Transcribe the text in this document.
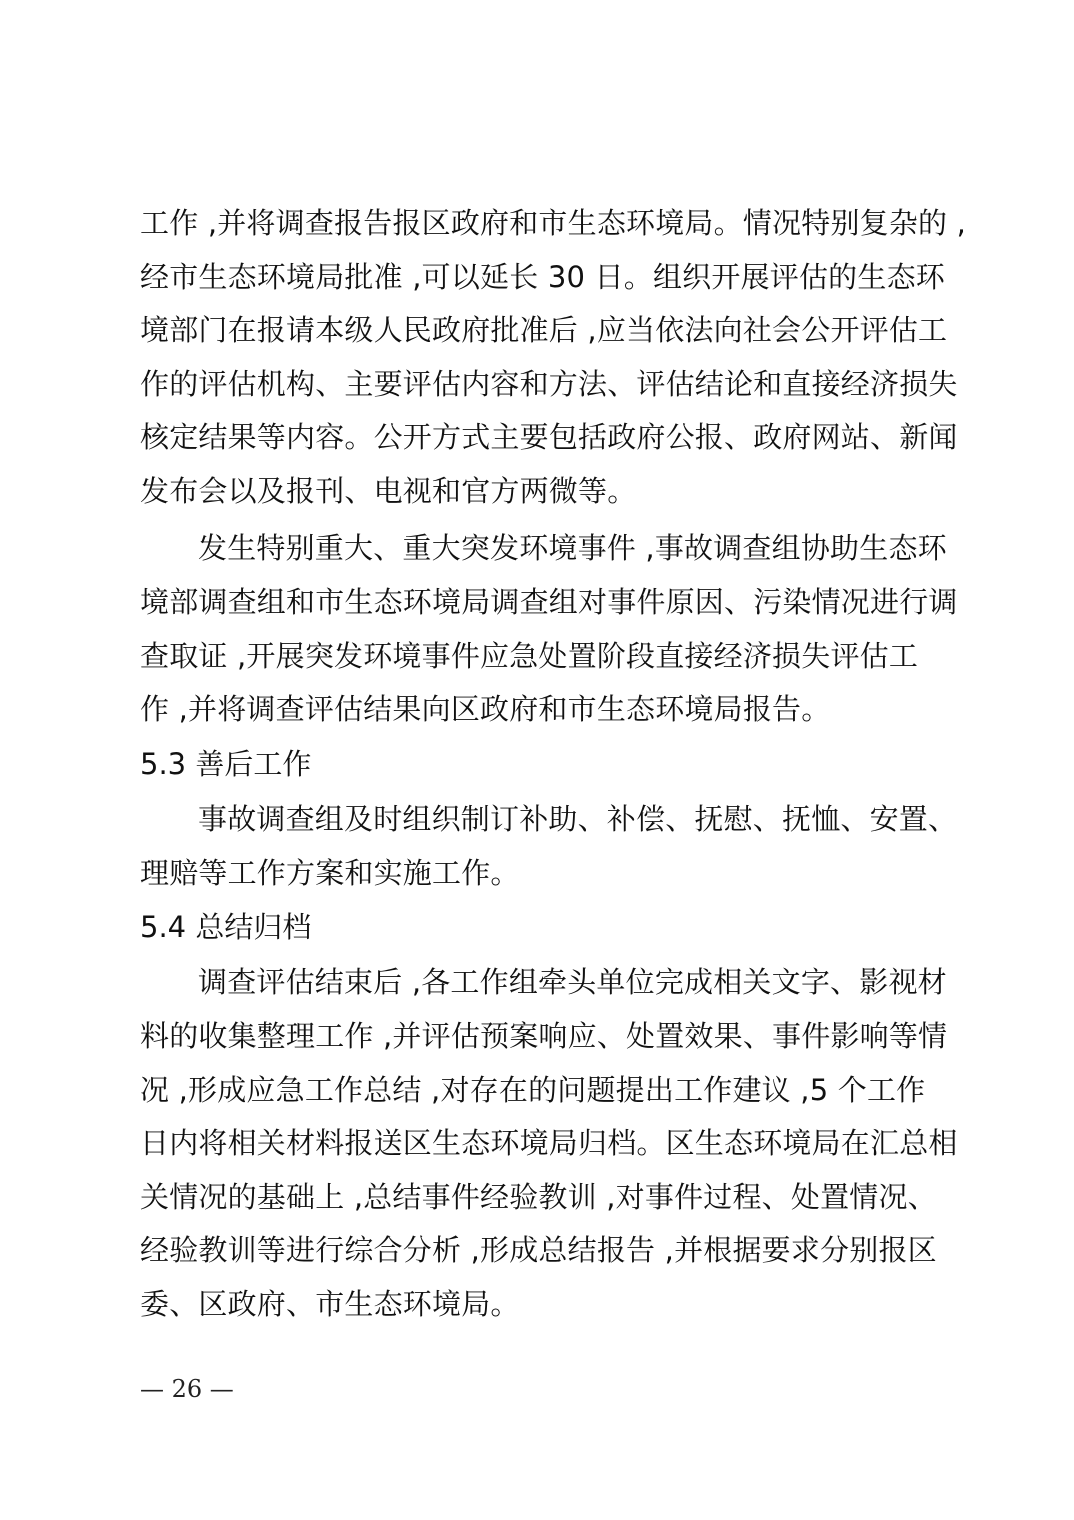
工作 ,并将调查报告报区政府和市生态环境局。情况特别复杂的 ,
经市生态环境局批准 ,可以延长 30 日。组织开展评估的生态环
境部门在报请本级人民政府批准后 ,应当依法向社会公开评估工
作的评估机构、主要评估内容和方法、评估结论和直接经济损失
核定结果等内容。公开方式主要包括政府公报、政府网站、新闻
发布会以及报刊、电视和官方两微等。
发生特别重大、重大突发环境事件 ,事故调查组协助生态环
境部调查组和市生态环境局调查组对事件原因、污染情况进行调
查取证 ,开展突发环境事件应急处置阶段直接经济损失评估工
作 ,并将调查评估结果向区政府和市生态环境局报告。
5.3 善后工作
事故调查组及时组织制订补助、补偿、抚慰、抚恤、安置、
理赔等工作方案和实施工作。
5.4 总结归档
调查评估结束后 ,各工作组牵头单位完成相关文字、影视材
料的收集整理工作 ,并评估预案响应、处置效果、事件影响等情
况 ,形成应急工作总结 ,对存在的问题提出工作建议 ,5 个工作
日内将相关材料报送区生态环境局归档。区生态环境局在汇总相
关情况的基础上 ,总结事件经验教训 ,对事件过程、处置情况、
经验教训等进行综合分析 ,形成总结报告 ,并根据要求分别报区
委、区政府、市生态环境局。
— 26 —
